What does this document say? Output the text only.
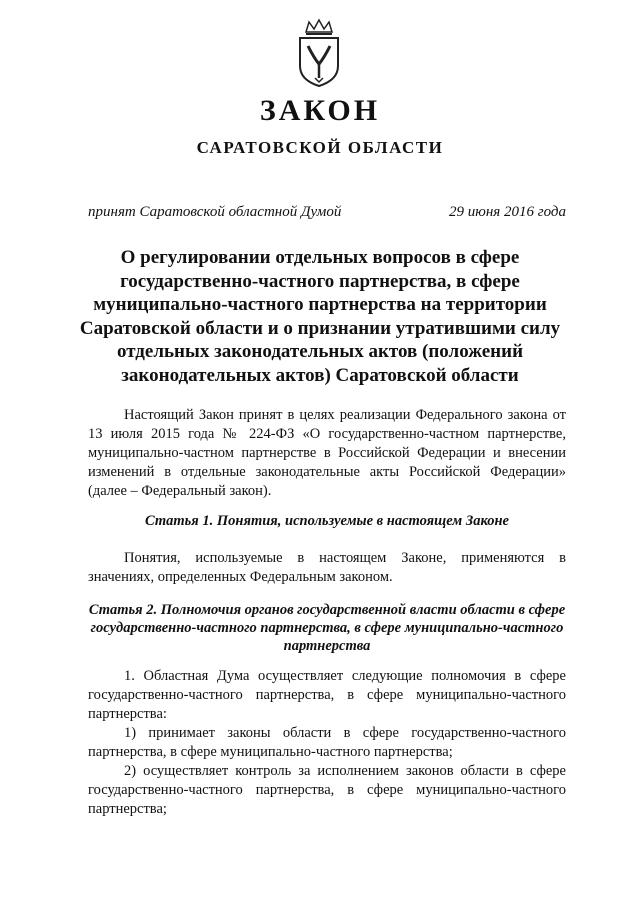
ЗАКОН
САРАТОВСКОЙ ОБЛАСТИ
принят Саратовской областной Думой	29 июня 2016 года
О регулировании отдельных вопросов в сфере государственно-частного партнерства, в сфере муниципально-частного партнерства на территории Саратовской области и о признании утратившими силу отдельных законодательных актов (положений законодательных актов) Саратовской области

Настоящий Закон принят в целях реализации Федерального закона от 13 июля 2015 года № 224-ФЗ «О государственно-частном партнерстве, муниципально-частном партнерстве в Российской Федерации и внесении изменений в отдельные законодательные акты Российской Федерации» (далее – Федеральный закон).

Статья 1. Понятия, используемые в настоящем Законе

Понятия, используемые в настоящем Законе, применяются в значениях, определенных Федеральным законом.

Статья 2. Полномочия органов государственной власти области в сфере государственно-частного партнерства, в сфере муниципально-частного партнерства

1. Областная Дума осуществляет следующие полномочия в сфере государственно-частного партнерства, в сфере муниципально-частного партнерства:

1) принимает законы области в сфере государственно-частного партнерства, в сфере муниципально-частного партнерства;

2) осуществляет контроль за исполнением законов области в сфере государственно-частного партнерства, в сфере муниципально-частного партнерства;
